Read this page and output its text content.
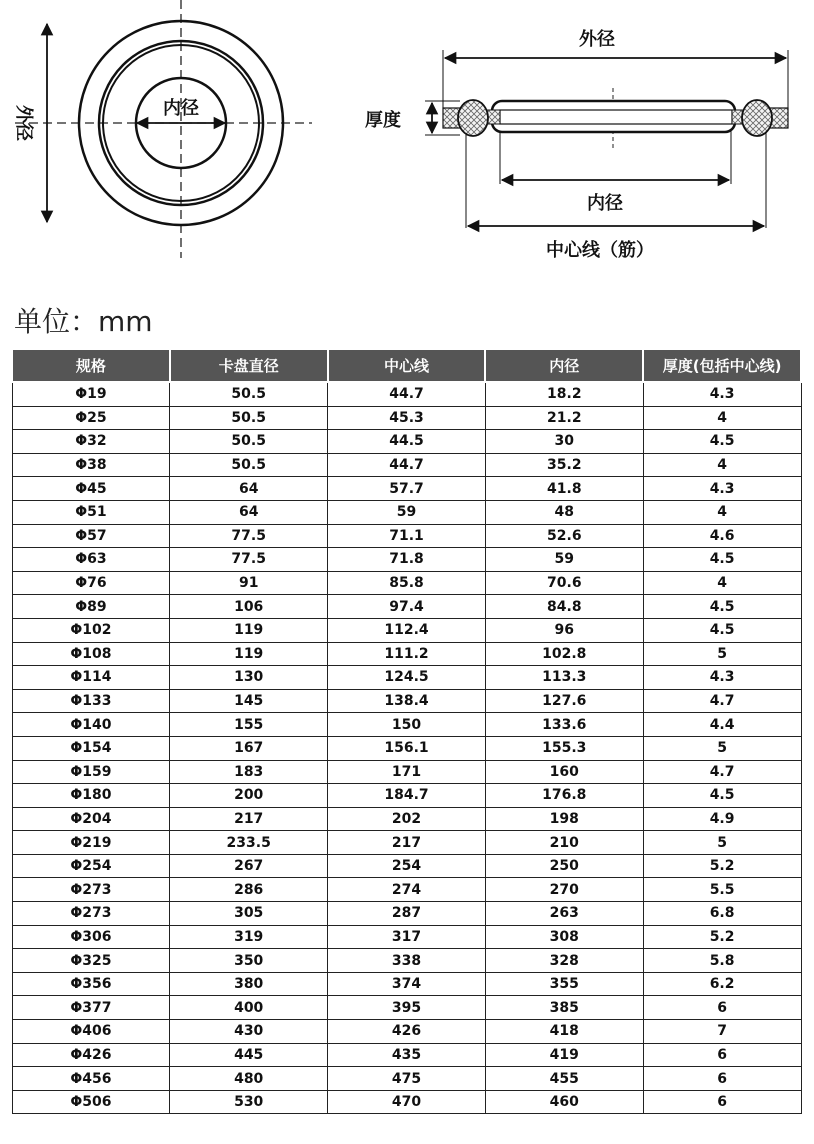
内径
外径
外径
厚度
内径
中心线（筋）
单位：mm
规格	卡盘直径	中心线	内径	厚度(包括中心线)
Φ19	50.5	44.7	18.2	4.3
Φ25	50.5	45.3	21.2	4
Φ32	50.5	44.5	30	4.5
Φ38	50.5	44.7	35.2	4
Φ45	64	57.7	41.8	4.3
Φ51	64	59	48	4
Φ57	77.5	71.1	52.6	4.6
Φ63	77.5	71.8	59	4.5
Φ76	91	85.8	70.6	4
Φ89	106	97.4	84.8	4.5
Φ102	119	112.4	96	4.5
Φ108	119	111.2	102.8	5
Φ114	130	124.5	113.3	4.3
Φ133	145	138.4	127.6	4.7
Φ140	155	150	133.6	4.4
Φ154	167	156.1	155.3	5
Φ159	183	171	160	4.7
Φ180	200	184.7	176.8	4.5
Φ204	217	202	198	4.9
Φ219	233.5	217	210	5
Φ254	267	254	250	5.2
Φ273	286	274	270	5.5
Φ273	305	287	263	6.8
Φ306	319	317	308	5.2
Φ325	350	338	328	5.8
Φ356	380	374	355	6.2
Φ377	400	395	385	6
Φ406	430	426	418	7
Φ426	445	435	419	6
Φ456	480	475	455	6
Φ506	530	470	460	6
